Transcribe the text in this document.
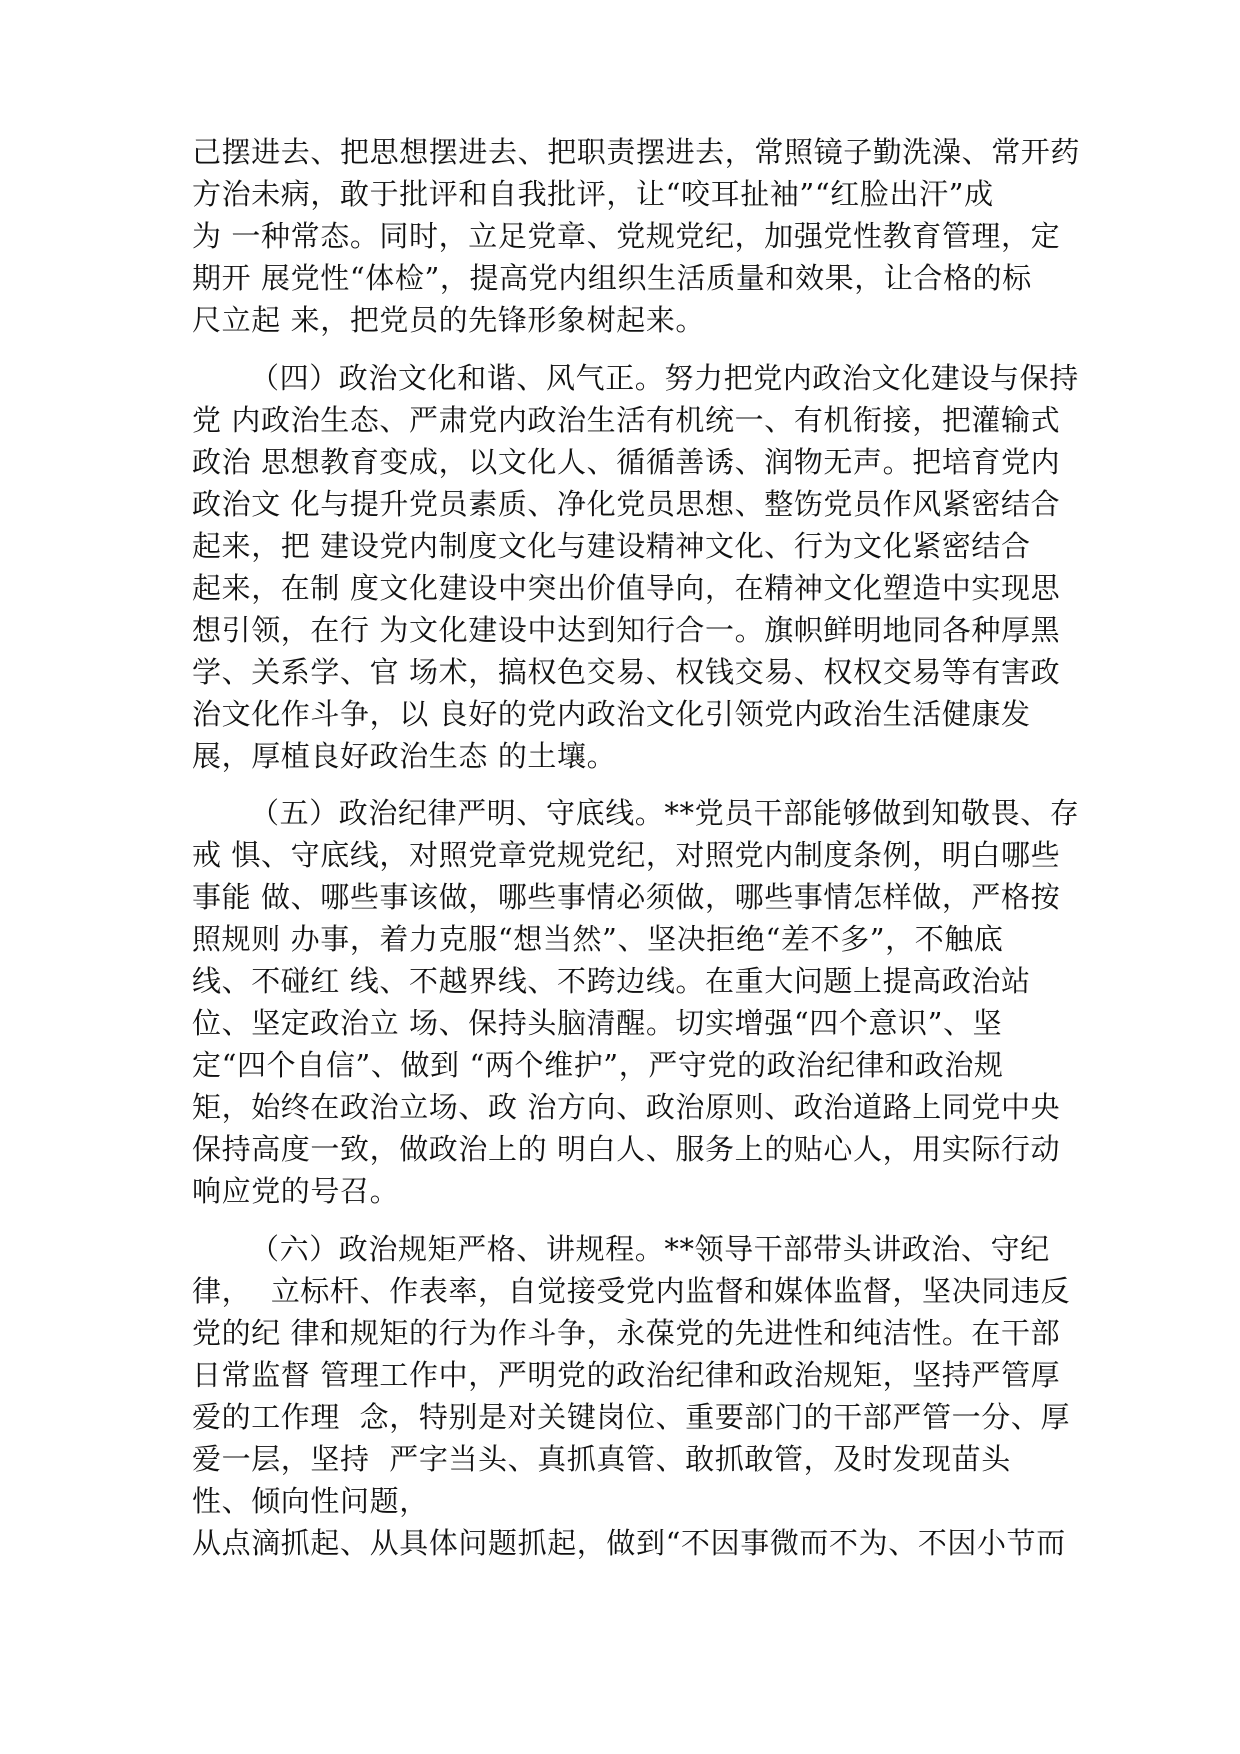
己摆进去、把思想摆进去、把职责摆进去，常照镜子勤洗澡、常开药
方治未病，敢于批评和自我批评，让“咬耳扯袖”“红脸出汗”成
为 一种常态。同时，立足党章、党规党纪，加强党性教育管理，定
期开 展党性“体检”，提高党内组织生活质量和效果，让合格的标
尺立起 来，把党员的先锋形象树起来。
（四）政治文化和谐、风气正。努力把党内政治文化建设与保持
党 内政治生态、严肃党内政治生活有机统一、有机衔接，把灌输式
政治 思想教育变成，以文化人、循循善诱、润物无声。把培育党内
政治文 化与提升党员素质、净化党员思想、整饬党员作风紧密结合
起来，把 建设党内制度文化与建设精神文化、行为文化紧密结合
起来，在制 度文化建设中突出价值导向，在精神文化塑造中实现思
想引领，在行 为文化建设中达到知行合一。旗帜鲜明地同各种厚黑
学、关系学、官 场术，搞权色交易、权钱交易、权权交易等有害政
治文化作斗争，以 良好的党内政治文化引领党内政治生活健康发
展，厚植良好政治生态 的土壤。
（五）政治纪律严明、守底线。**党员干部能够做到知敬畏、存
戒 惧、守底线，对照党章党规党纪，对照党内制度条例，明白哪些
事能 做、哪些事该做，哪些事情必须做，哪些事情怎样做，严格按
照规则 办事，着力克服“想当然”、坚决拒绝“差不多”，不触底
线、不碰红 线、不越界线、不跨边线。在重大问题上提高政治站
位、坚定政治立 场、保持头脑清醒。切实增强“四个意识”、坚
定“四个自信”、做到 “两个维护”，严守党的政治纪律和政治规
矩，始终在政治立场、政 治方向、政治原则、政治道路上同党中央
保持高度一致，做政治上的 明白人、服务上的贴心人，用实际行动
响应党的号召。
（六）政治规矩严格、讲规程。**领导干部带头讲政治、守纪
律，  立标杆、作表率，自觉接受党内监督和媒体监督，坚决同违反
党的纪 律和规矩的行为作斗争，永葆党的先进性和纯洁性。在干部
日常监督 管理工作中，严明党的政治纪律和政治规矩，坚持严管厚
爱的工作理  念，特别是对关键岗位、重要部门的干部严管一分、厚
爱一层，坚持  严字当头、真抓真管、敢抓敢管，及时发现苗头
性、倾向性问题，
从点滴抓起、从具体问题抓起，做到“不因事微而不为、不因小节而
